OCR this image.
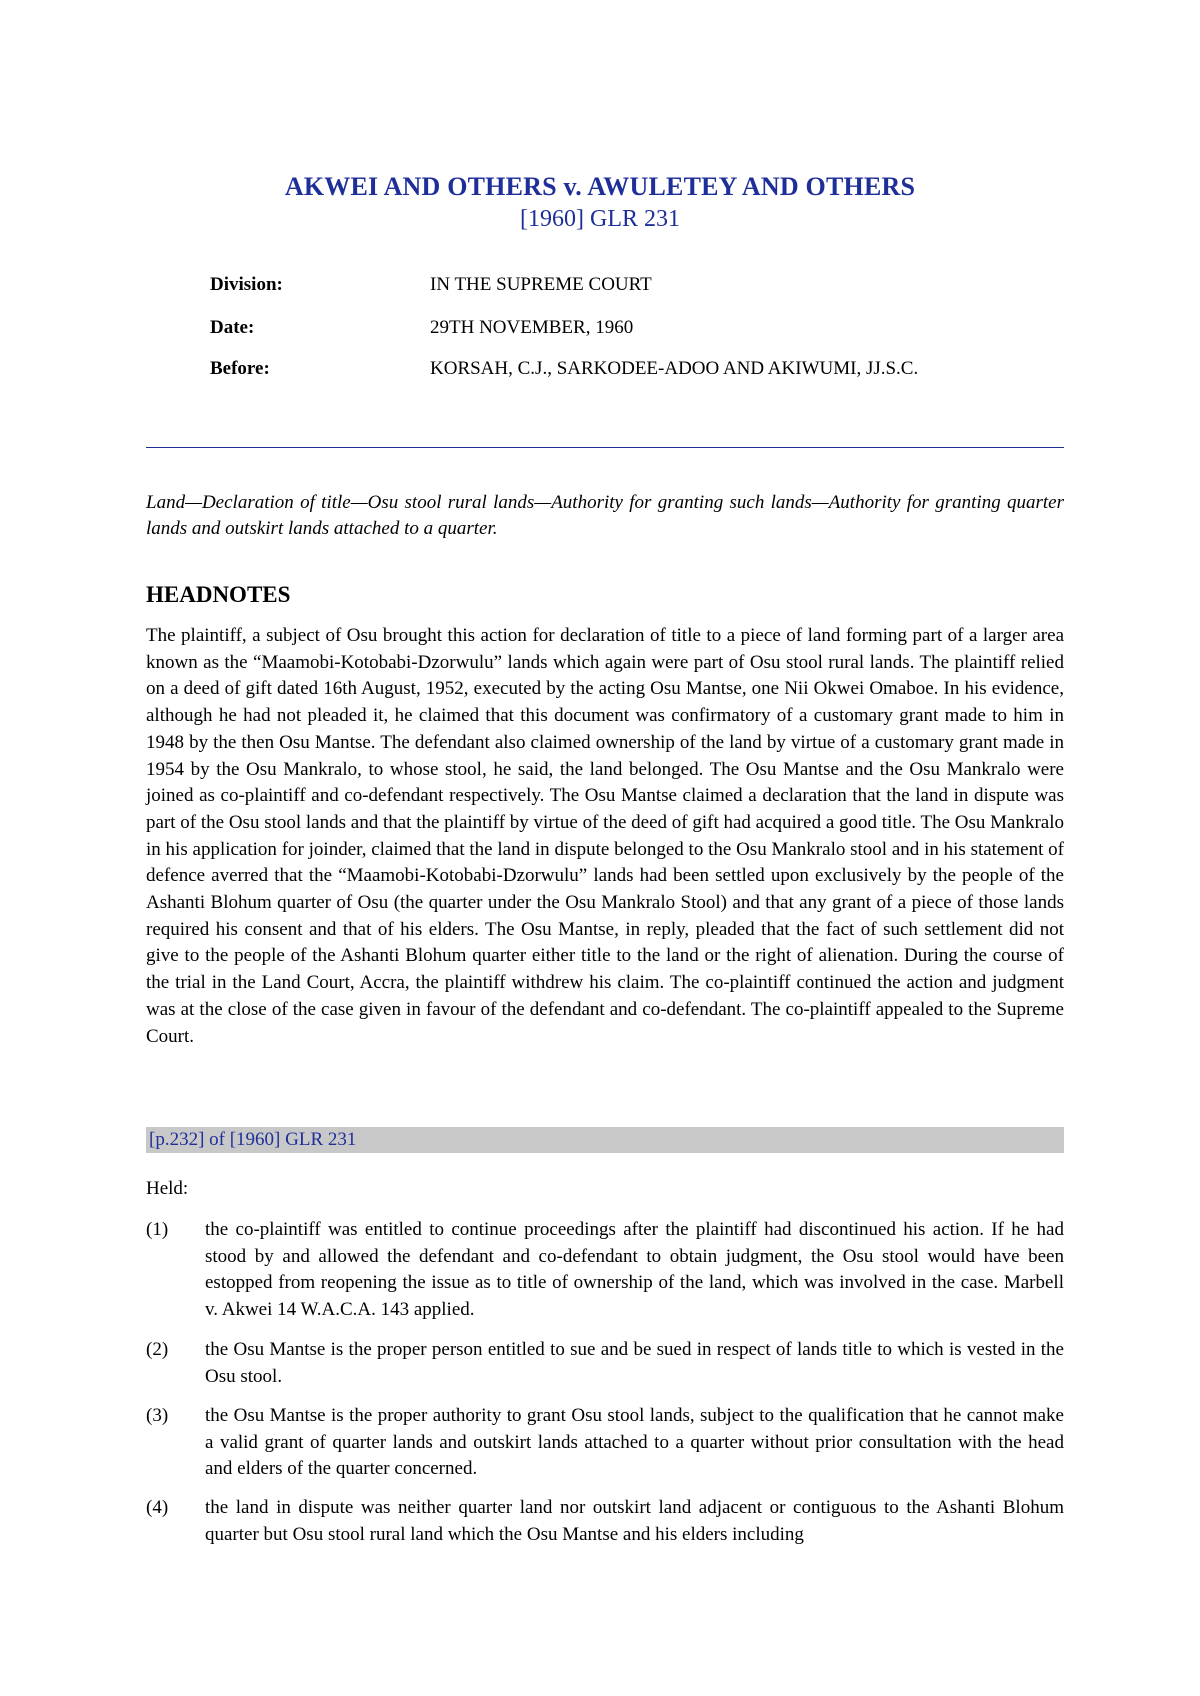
AKWEI AND OTHERS v. AWULETEY AND OTHERS
[1960] GLR 231
Division:	IN THE SUPREME COURT
Date:	29TH NOVEMBER, 1960
Before:	KORSAH, C.J., SARKODEE-ADOO AND AKIWUMI, JJ.S.C.
Land—Declaration of title—Osu stool rural lands—Authority for granting such lands—Authority for granting quarter lands and outskirt lands attached to a quarter.
HEADNOTES

The plaintiff, a subject of Osu brought this action for declaration of title to a piece of land forming part of a larger area known as the “Maamobi-Kotobabi-Dzorwulu” lands which again were part of Osu stool rural lands. The plaintiff relied on a deed of gift dated 16th August, 1952, executed by the acting Osu Mantse, one Nii Okwei Omaboe. In his evidence, although he had not pleaded it, he claimed that this document was confirmatory of a customary grant made to him in 1948 by the then Osu Mantse. The defendant also claimed ownership of the land by virtue of a customary grant made in 1954 by the Osu Mankralo, to whose stool, he said, the land belonged. The Osu Mantse and the Osu Mankralo were joined as co-plaintiff and co-defendant respectively. The Osu Mantse claimed a declaration that the land in dispute was part of the Osu stool lands and that the plaintiff by virtue of the deed of gift had acquired a good title. The Osu Mankralo in his application for joinder, claimed that the land in dispute belonged to the Osu Mankralo stool and in his statement of defence averred that the “Maamobi-Kotobabi-Dzorwulu” lands had been settled upon exclusively by the people of the Ashanti Blohum quarter of Osu (the quarter under the Osu Mankralo Stool) and that any grant of a piece of those lands required his consent and that of his elders. The Osu Mantse, in reply, pleaded that the fact of such settlement did not give to the people of the Ashanti Blohum quarter either title to the land or the right of alienation. During the course of the trial in the Land Court, Accra, the plaintiff withdrew his claim. The co-plaintiff continued the action and judgment was at the close of the case given in favour of the defendant and co-defendant. The co-plaintiff appealed to the Supreme Court.

[p.232] of [1960] GLR 231
Held:
(1) the co-plaintiff was entitled to continue proceedings after the plaintiff had discontinued his action. If he had stood by and allowed the defendant and co-defendant to obtain judgment, the Osu stool would have been estopped from reopening the issue as to title of ownership of the land, which was involved in the case. Marbell v. Akwei 14 W.A.C.A. 143 applied.
(2) the Osu Mantse is the proper person entitled to sue and be sued in respect of lands title to which is vested in the Osu stool.
(3) the Osu Mantse is the proper authority to grant Osu stool lands, subject to the qualification that he cannot make a valid grant of quarter lands and outskirt lands attached to a quarter without prior consultation with the head and elders of the quarter concerned.
(4) the land in dispute was neither quarter land nor outskirt land adjacent or contiguous to the Ashanti Blohum quarter but Osu stool rural land which the Osu Mantse and his elders including
